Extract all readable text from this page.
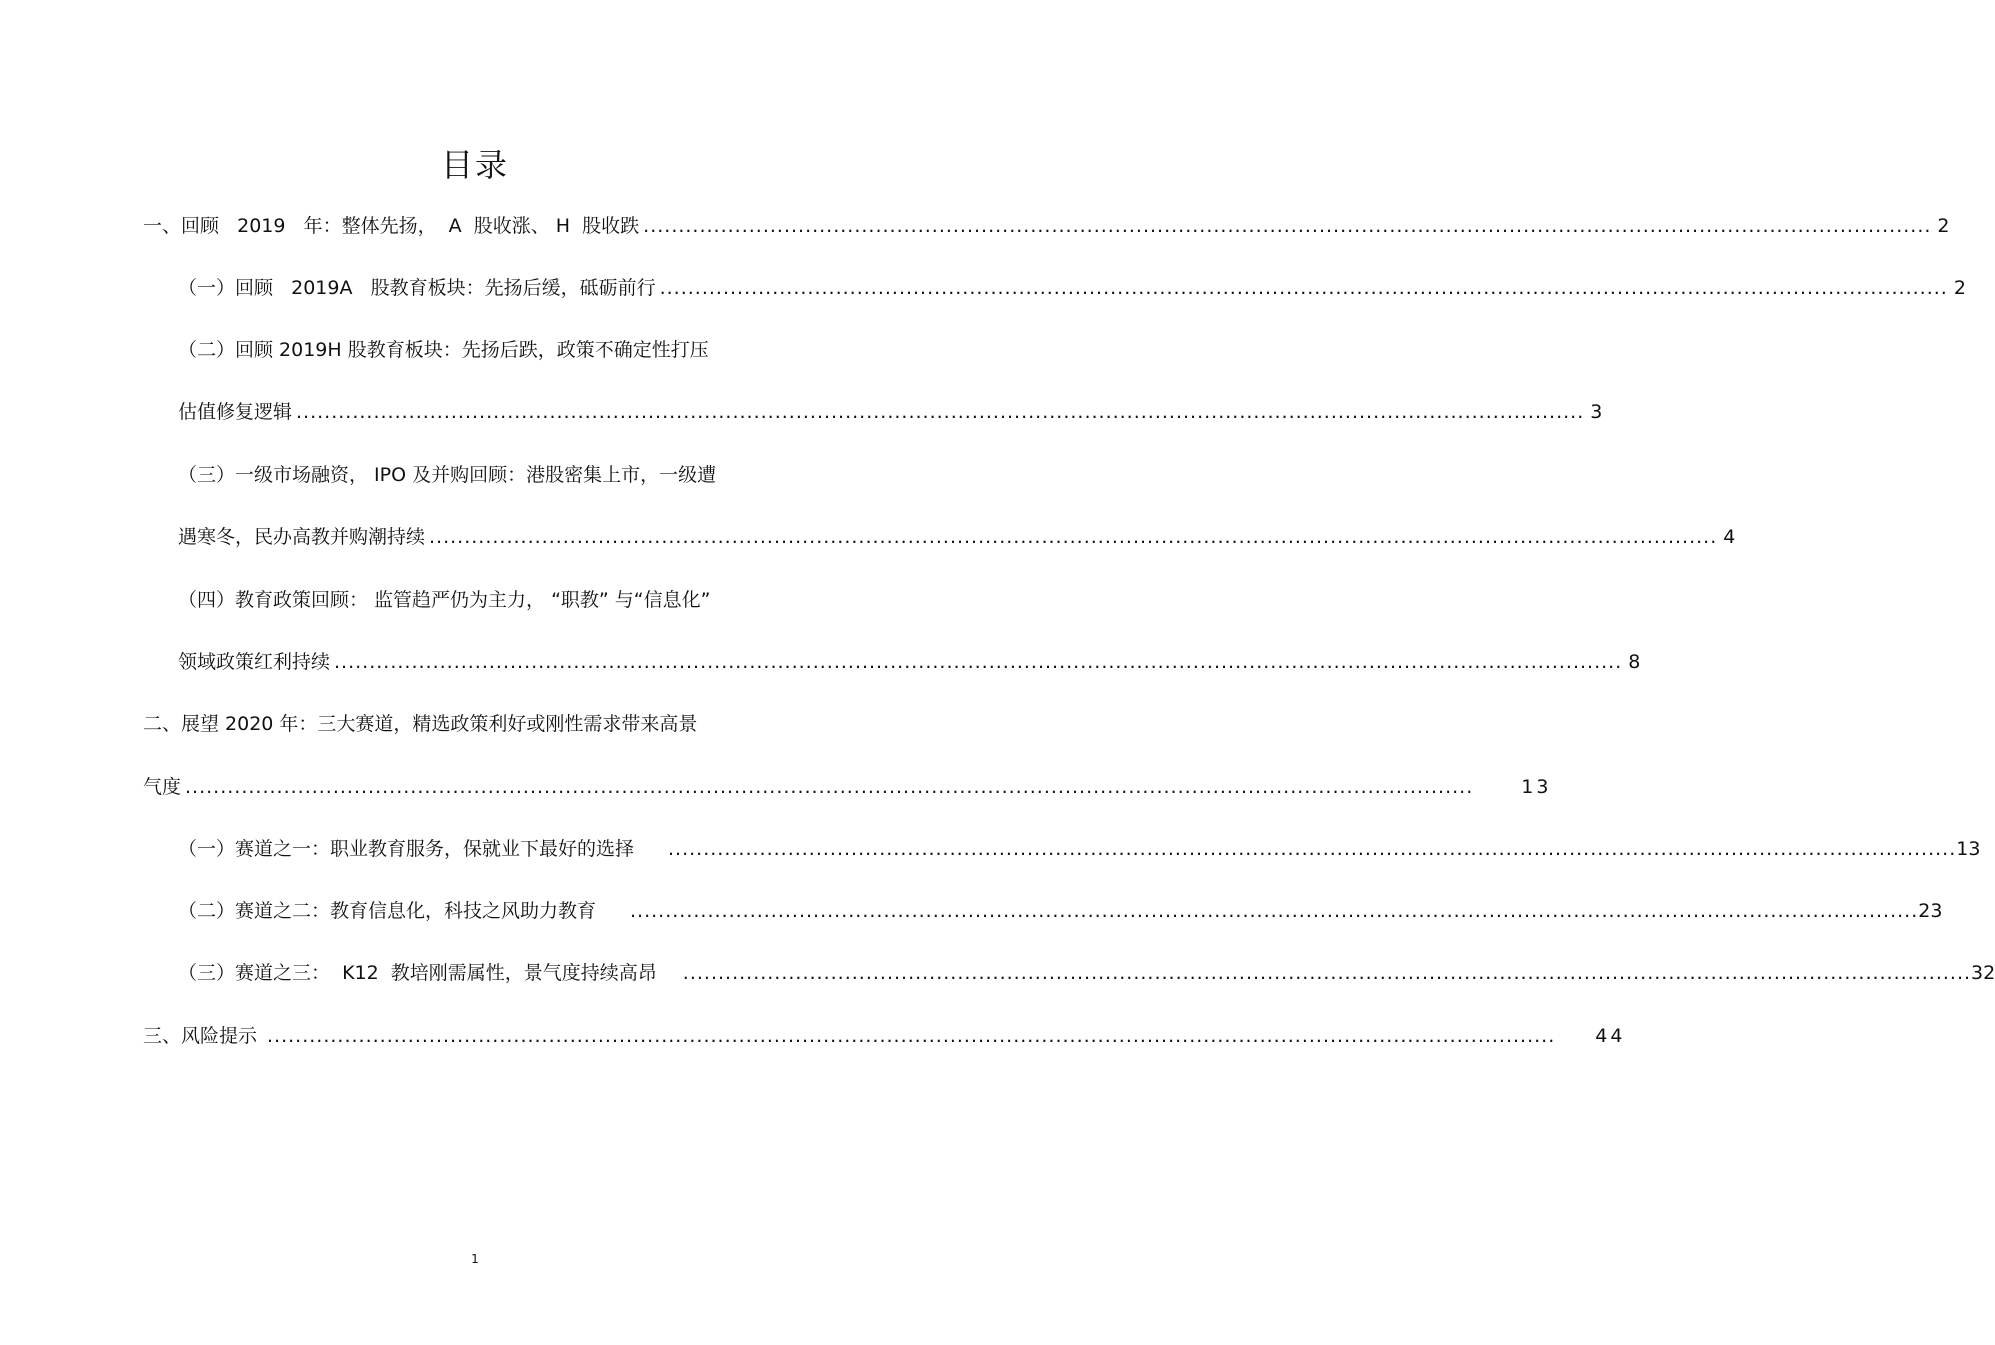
目录
一、回顾   2019   年：整体先扬，  A  股收涨、 H  股收跌 ....................................................................................................................................................................................... 2
（一）回顾   2019A   股教育板块：先扬后缓，砥砺前行 ....................................................................................................................................................................................... 2
（二）回顾 2019H 股教育板块：先扬后跌，政策不确定性打压
估值修复逻辑 ....................................................................................................................................................................................... 3
（三）一级市场融资， IPO 及并购回顾：港股密集上市，一级遭
遇寒冬，民办高教并购潮持续 ....................................................................................................................................................................................... 4
（四）教育政策回顾： 监管趋严仍为主力， “职教” 与“信息化”
领域政策红利持续 ....................................................................................................................................................................................... 8
二、展望 2020 年：三大赛道，精选政策利好或刚性需求带来高景
气度 .......................................................................................................................................................................................	13
（一）赛道之一：职业教育服务，保就业下最好的选择 ....................................................................................................................................................................................... 13
（二）赛道之二：教育信息化，科技之风助力教育 ....................................................................................................................................................................................... 23
（三）赛道之三：  K12  教培刚需属性，景气度持续高昂 ....................................................................................................................................................................................... 32
三、风险提示 ....................................................................................................................................................................................... 44
1
